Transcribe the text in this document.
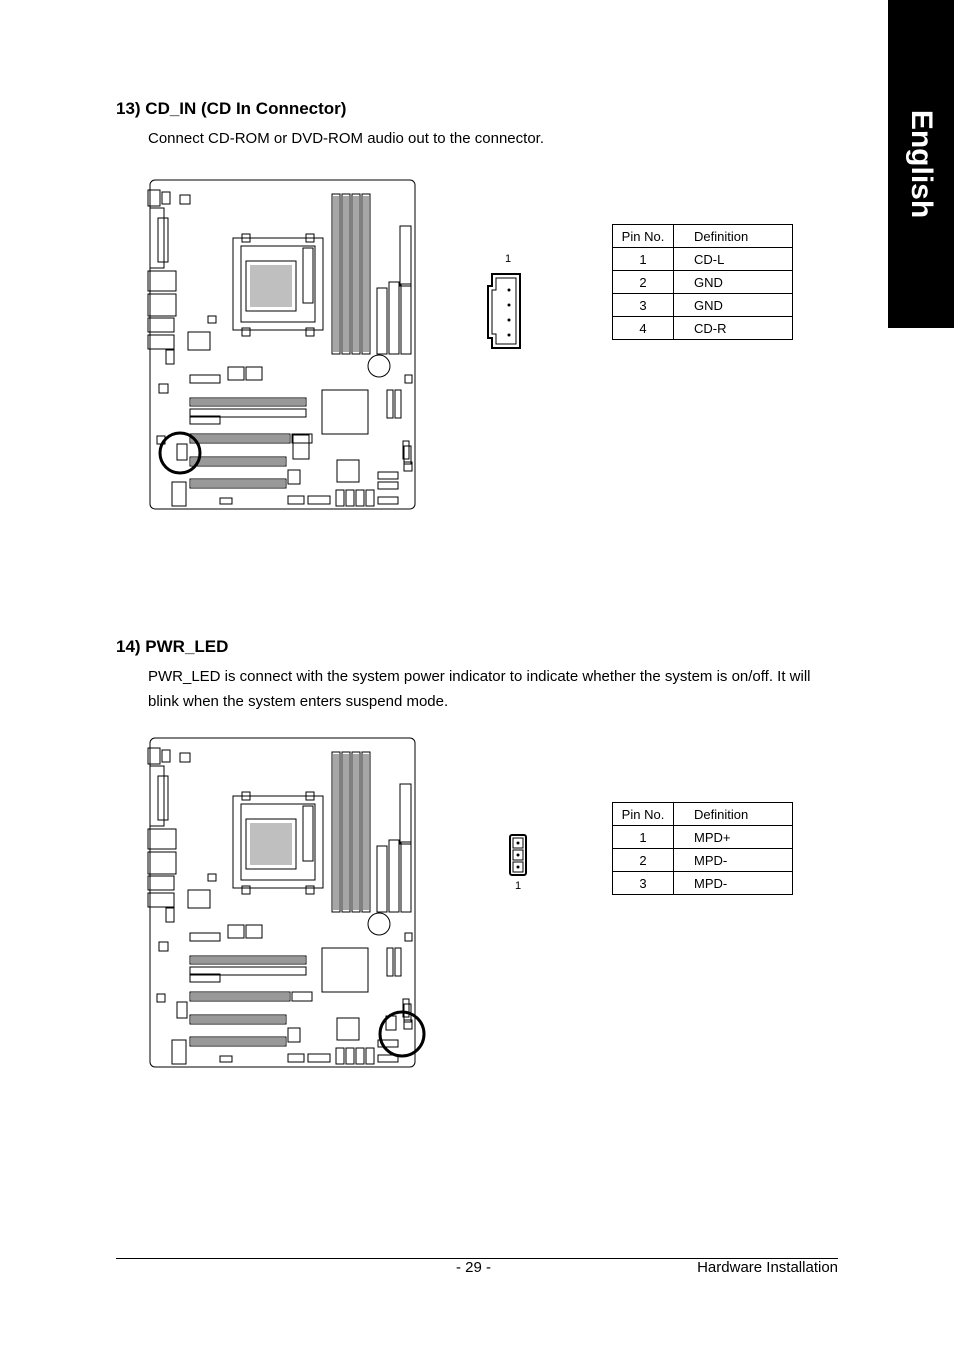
English
13) CD_IN (CD In Connector)
Connect CD-ROM or DVD-ROM audio out to the connector.
1
Pin No.	Definition
1	CD-L
2	GND
3	GND
4	CD-R
14) PWR_LED
PWR_LED is connect with the system power indicator to indicate whether the system is on/off. It will blink when the system enters suspend mode.
1
Pin No.	Definition
1	MPD+
2	MPD-
3	MPD-
- 29 -	Hardware Installation
